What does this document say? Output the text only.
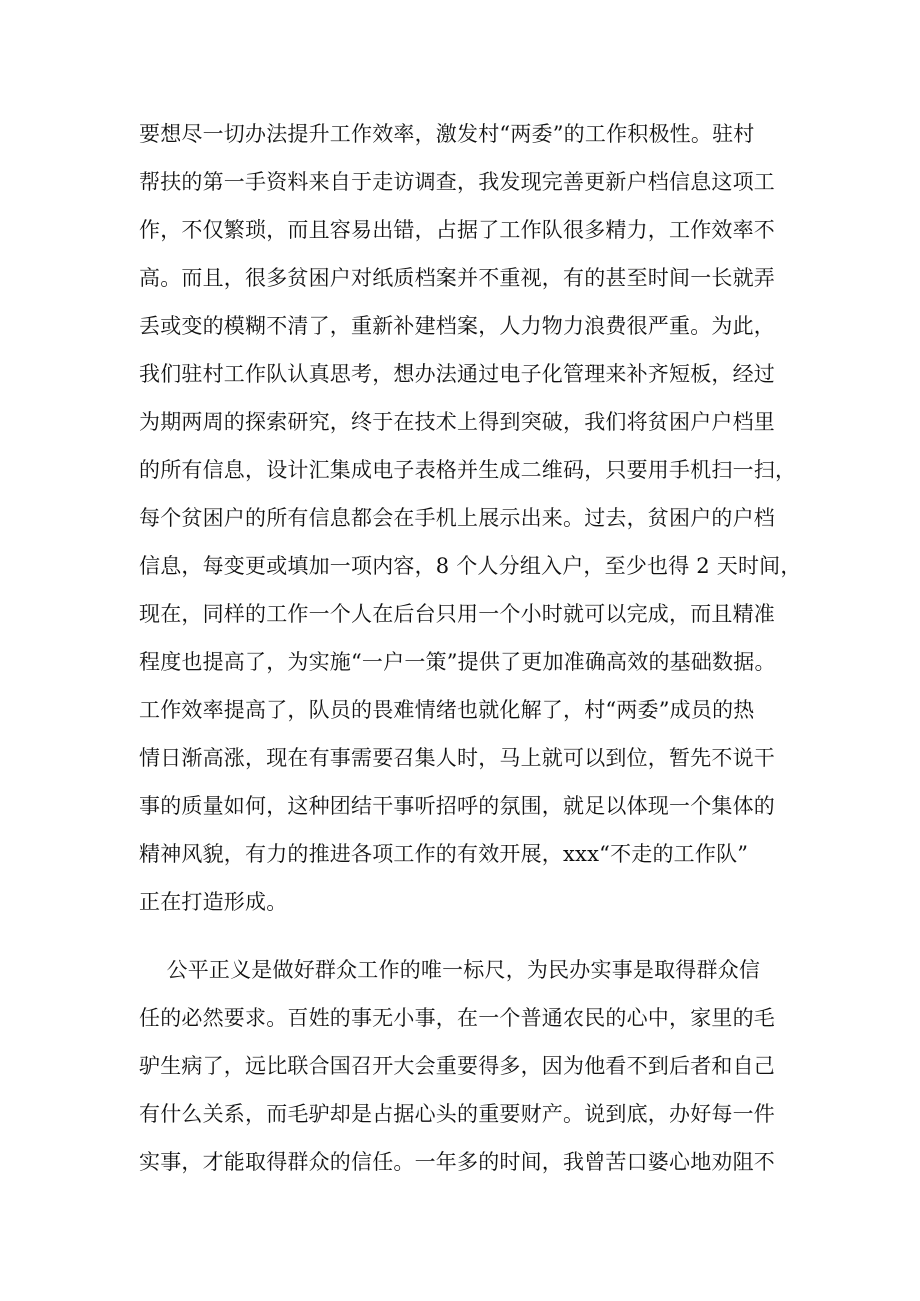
要想尽一切办法提升工作效率，激发村“两委”的工作积极性。驻村
帮扶的第一手资料来自于走访调查，我发现完善更新户档信息这项工
作，不仅繁琐，而且容易出错，占据了工作队很多精力，工作效率不
高。而且，很多贫困户对纸质档案并不重视，有的甚至时间一长就弄
丢或变的模糊不清了，重新补建档案，人力物力浪费很严重。为此，
我们驻村工作队认真思考，想办法通过电子化管理来补齐短板，经过
为期两周的探索研究，终于在技术上得到突破，我们将贫困户户档里
的所有信息，设计汇集成电子表格并生成二维码，只要用手机扫一扫，
每个贫困户的所有信息都会在手机上展示出来。过去，贫困户的户档
信息，每变更或填加一项内容，8 个人分组入户，至少也得 2 天时间，
现在，同样的工作一个人在后台只用一个小时就可以完成，而且精准
程度也提高了，为实施“一户一策”提供了更加准确高效的基础数据。
工作效率提高了，队员的畏难情绪也就化解了，村“两委”成员的热
情日渐高涨，现在有事需要召集人时，马上就可以到位，暂先不说干
事的质量如何，这种团结干事听招呼的氛围，就足以体现一个集体的
精神风貌，有力的推进各项工作的有效开展，xxx“不走的工作队”
正在打造形成。
公平正义是做好群众工作的唯一标尺，为民办实事是取得群众信
任的必然要求。百姓的事无小事，在一个普通农民的心中，家里的毛
驴生病了，远比联合国召开大会重要得多，因为他看不到后者和自己
有什么关系，而毛驴却是占据心头的重要财产。说到底，办好每一件
实事，才能取得群众的信任。一年多的时间，我曾苦口婆心地劝阻不
